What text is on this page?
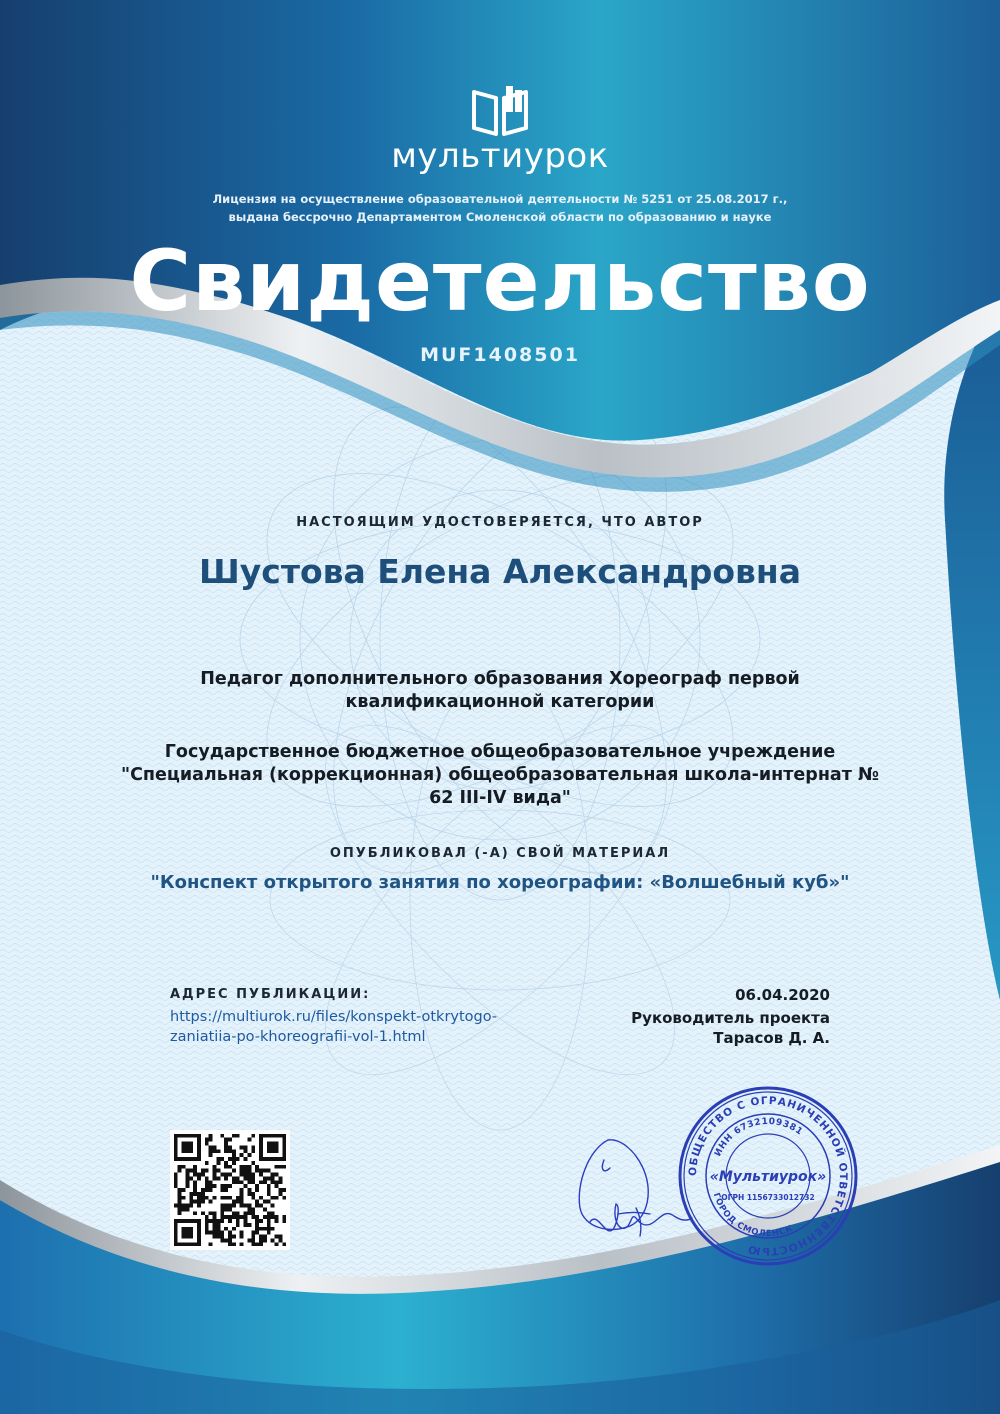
мультиурок
Лицензия на осуществление образовательной деятельности № 5251 от 25.08.2017 г.,
выдана бессрочно Департаментом Смоленской области по образованию и науке
Свидетельство
MUF1408501
НАСТОЯЩИМ УДОСТОВЕРЯЕТСЯ, ЧТО АВТОР
Шустова Елена Александровна
Педагог дополнительного образования Хореограф первой
квалификационной категории
Государственное бюджетное общеобразовательное учреждение
"Специальная (коррекционная) общеобразовательная школа-интернат №
62 III-IV вида"
ОПУБЛИКОВАЛ (-А) СВОЙ МАТЕРИАЛ
"Конспект открытого занятия по хореографии: «Волшебный куб»"
АДРЕС ПУБЛИКАЦИИ:
https://multiurok.ru/files/konspekt-otkrytogo-
zaniatiia-po-khoreografii-vol-1.html
06.04.2020
Руководитель проекта
Тарасов Д. А.
ОБЩЕСТВО С ОГРАНИЧЕННОЙ ОТВЕТСТВЕННОСТЬЮ
ИНН 6732109381
ГОРОД СМОЛЕНСК
«Мультиурок»
ОГРН 1156733012732
